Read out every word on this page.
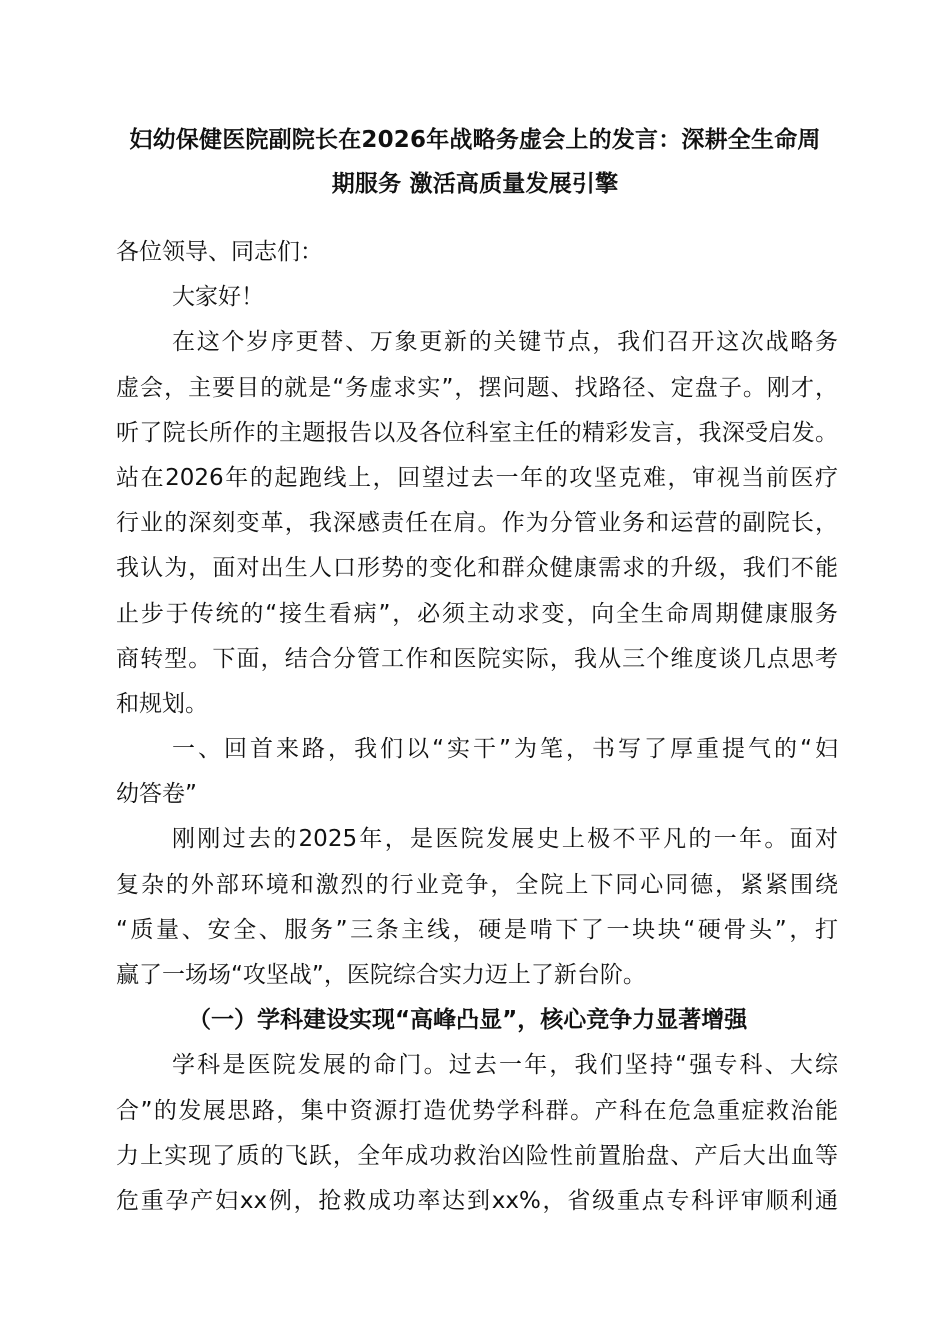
妇幼保健医院副院长在2026年战略务虚会上的发言：深耕全生命周
期服务 激活高质量发展引擎
各位领导、同志们：
大家好！
在这个岁序更替、万象更新的关键节点，我们召开这次战略务
虚会，主要目的就是“务虚求实”，摆问题、找路径、定盘子。刚才，
听了院长所作的主题报告以及各位科室主任的精彩发言，我深受启发。
站在2026年的起跑线上，回望过去一年的攻坚克难，审视当前医疗
行业的深刻变革，我深感责任在肩。作为分管业务和运营的副院长，
我认为，面对出生人口形势的变化和群众健康需求的升级，我们不能
止步于传统的“接生看病”，必须主动求变，向全生命周期健康服务
商转型。下面，结合分管工作和医院实际，我从三个维度谈几点思考
和规划。
一、回首来路，我们以“实干”为笔，书写了厚重提气的“妇
幼答卷”
刚刚过去的2025年，是医院发展史上极不平凡的一年。面对
复杂的外部环境和激烈的行业竞争，全院上下同心同德，紧紧围绕
“质量、安全、服务”三条主线，硬是啃下了一块块“硬骨头”，打
赢了一场场“攻坚战”，医院综合实力迈上了新台阶。
（一）学科建设实现“高峰凸显”，核心竞争力显著增强
学科是医院发展的命门。过去一年，我们坚持“强专科、大综
合”的发展思路，集中资源打造优势学科群。产科在危急重症救治能
力上实现了质的飞跃，全年成功救治凶险性前置胎盘、产后大出血等
危重孕产妇xx例，抢救成功率达到xx%，省级重点专科评审顺利通
